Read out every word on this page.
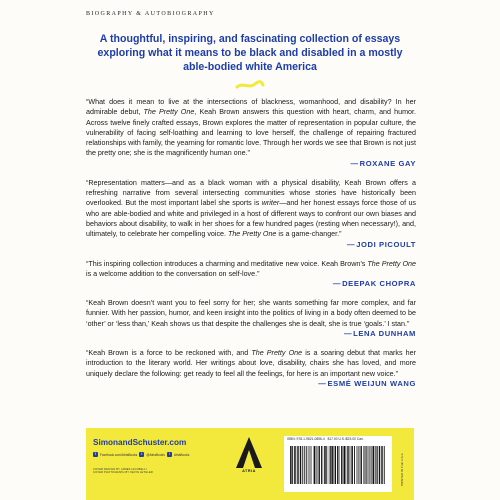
BIOGRAPHY & AUTOBIOGRAPHY
A thoughtful, inspiring, and fascinating collection of essays exploring what it means to be black and disabled in a mostly able-bodied white America

“What does it mean to live at the intersections of blackness, womanhood, and disability? In her admirable debut, The Pretty One, Keah Brown answers this question with heart, charm, and humor. Across twelve finely crafted essays, Brown explores the matter of representation in popular culture, the vulnerability of facing self-loathing and learning to love herself, the challenge of repairing fractured relationships with family, the yearning for romantic love. Through her words we see that Brown is not just the pretty one; she is the magnificently human one.”

—ROXANE GAY

“Representation matters—and as a black woman with a physical disability, Keah Brown offers a refreshing narrative from several intersecting communities whose stories have historically been overlooked. But the most important label she sports is writer—and her honest essays force those of us who are able-bodied and white and privileged in a host of different ways to confront our own biases and behaviors about disability, to walk in her shoes for a few hundred pages (resting when necessary!), and, ultimately, to celebrate her compelling voice. The Pretty One is a game-changer.”

—JODI PICOULT

“This inspiring collection introduces a charming and meditative new voice. Keah Brown’s The Pretty One is a welcome addition to the conversation on self-love.”

—DEEPAK CHOPRA

“Keah Brown doesn’t want you to feel sorry for her; she wants something far more complex, and far funnier. With her passion, humor, and keen insight into the politics of living in a body often deemed to be ‘other’ or ‘less than,’ Keah shows us that despite the challenges she is dealt, she is true ‘goals.’ I stan.”

—LENA DUNHAM

“Keah Brown is a force to be reckoned with, and The Pretty One is a soaring debut that marks her introduction to the literary world. Her writings about love, disability, chairs she has loved, and more uniquely declare the following: get ready to feel all the feelings, for here is an important new voice.”

—ESMÉ WEIJUN WANG
SimonandSchuster.com
f	Facebook.com/AtriaBooks	t	@AtriaBooks	i	AtriaBooks
COVER DESIGN BY JAMES IACOBELLI
COVER PHOTOGRAPH BY KEVIN LETHLER	ATRIA
ISBN: 978-1-9821-0856-4 $17.00 U.S./$23.00 Can.
PRINTED IN THE U.S.A.
